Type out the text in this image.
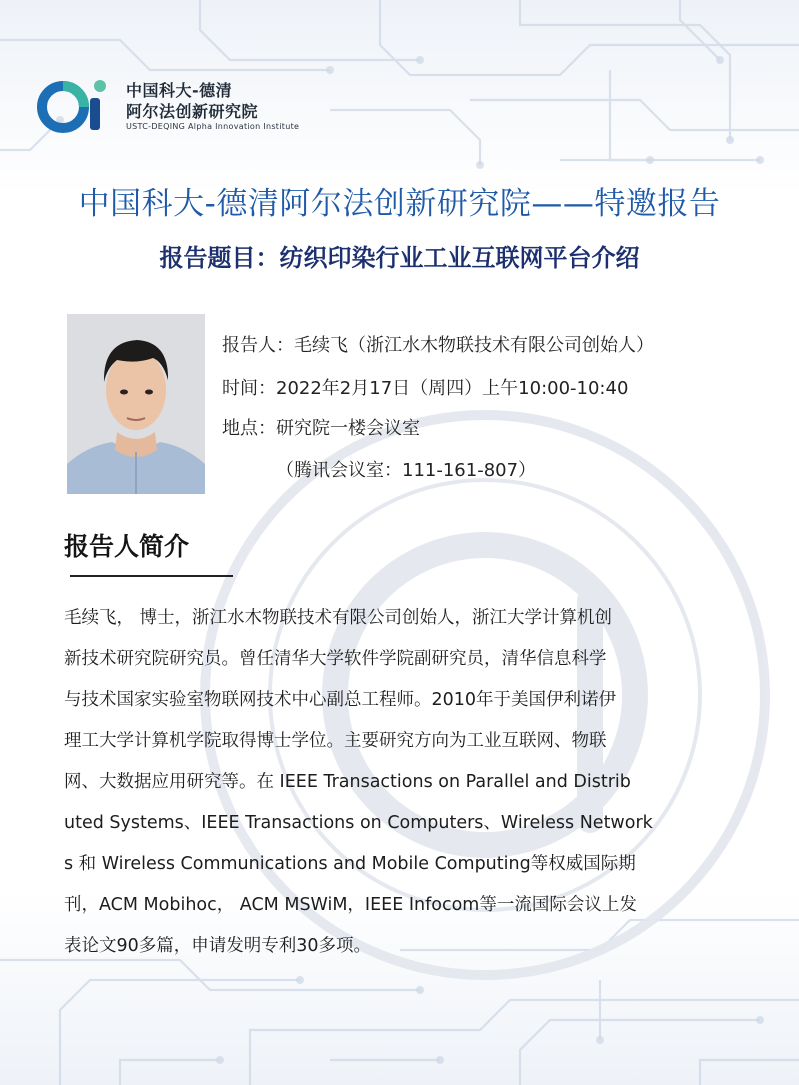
中国科大-德清
阿尔法创新研究院
USTC-DEQING Alpha Innovation Institute
中国科大-德清阿尔法创新研究院——特邀报告
报告题目：纺织印染行业工业互联网平台介绍
报告人：毛续飞（浙江水木物联技术有限公司创始人）
时间：2022年2月17日（周四）上午10:00-10:40
地点：研究院一楼会议室
（腾讯会议室：111-161-807）
报告人简介
毛续飞， 博士，浙江水木物联技术有限公司创始人，浙江大学计算机创
新技术研究院研究员。曾任清华大学软件学院副研究员，清华信息科学
与技术国家实验室物联网技术中心副总工程师。2010年于美国伊利诺伊
理工大学计算机学院取得博士学位。主要研究方向为工业互联网、物联
网、大数据应用研究等。在 IEEE Transactions on Parallel and Distrib
uted Systems、IEEE Transactions on Computers、Wireless Network
s 和 Wireless Communications and Mobile Computing等权威国际期
刊，ACM Mobihoc， ACM MSWiM，IEEE Infocom等一流国际会议上发
表论文90多篇，申请发明专利30多项。
